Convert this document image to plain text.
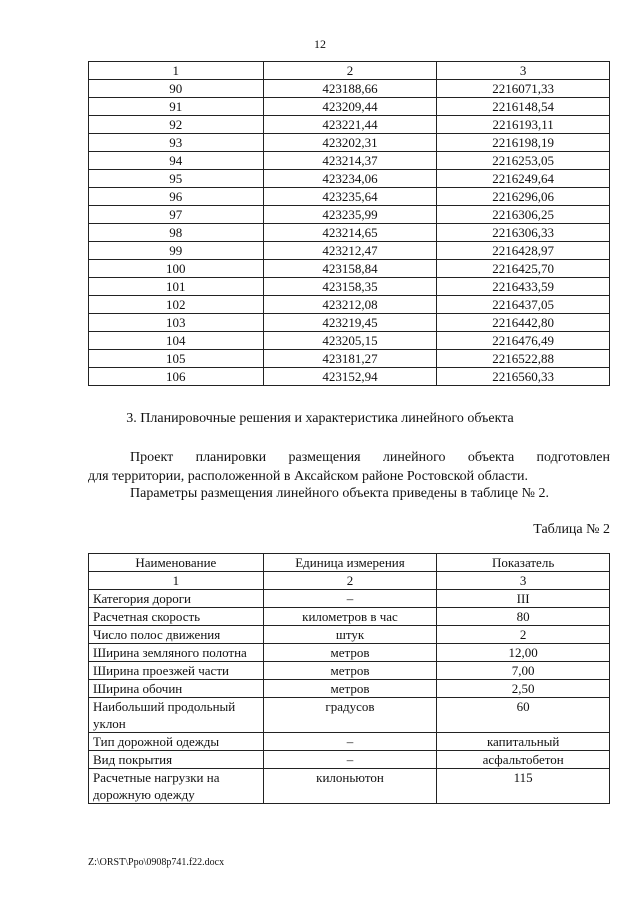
12
1	2	3
90	423188,66	2216071,33
91	423209,44	2216148,54
92	423221,44	2216193,11
93	423202,31	2216198,19
94	423214,37	2216253,05
95	423234,06	2216249,64
96	423235,64	2216296,06
97	423235,99	2216306,25
98	423214,65	2216306,33
99	423212,47	2216428,97
100	423158,84	2216425,70
101	423158,35	2216433,59
102	423212,08	2216437,05
103	423219,45	2216442,80
104	423205,15	2216476,49
105	423181,27	2216522,88
106	423152,94	2216560,33
3. Планировочные решения и характеристика линейного объекта
Проект планировки размещения линейного объекта подготовлен
для территории, расположенной в Аксайском районе Ростовской области.
Параметры размещения линейного объекта приведены в таблице № 2.
Таблица № 2
Наименование	Единица измерения	Показатель
1	2	3
Категория дороги	–	III
Расчетная скорость	километров в час	80
Число полос движения	штук	2
Ширина земляного полотна	метров	12,00
Ширина проезжей части	метров	7,00
Ширина обочин	метров	2,50
Наибольший продольный уклон	градусов	60
Тип дорожной одежды	–	капитальный
Вид покрытия	–	асфальтобетон
Расчетные нагрузки на дорожную одежду	килоньютон	115
Z:\ORST\Ppo\0908p741.f22.docx
